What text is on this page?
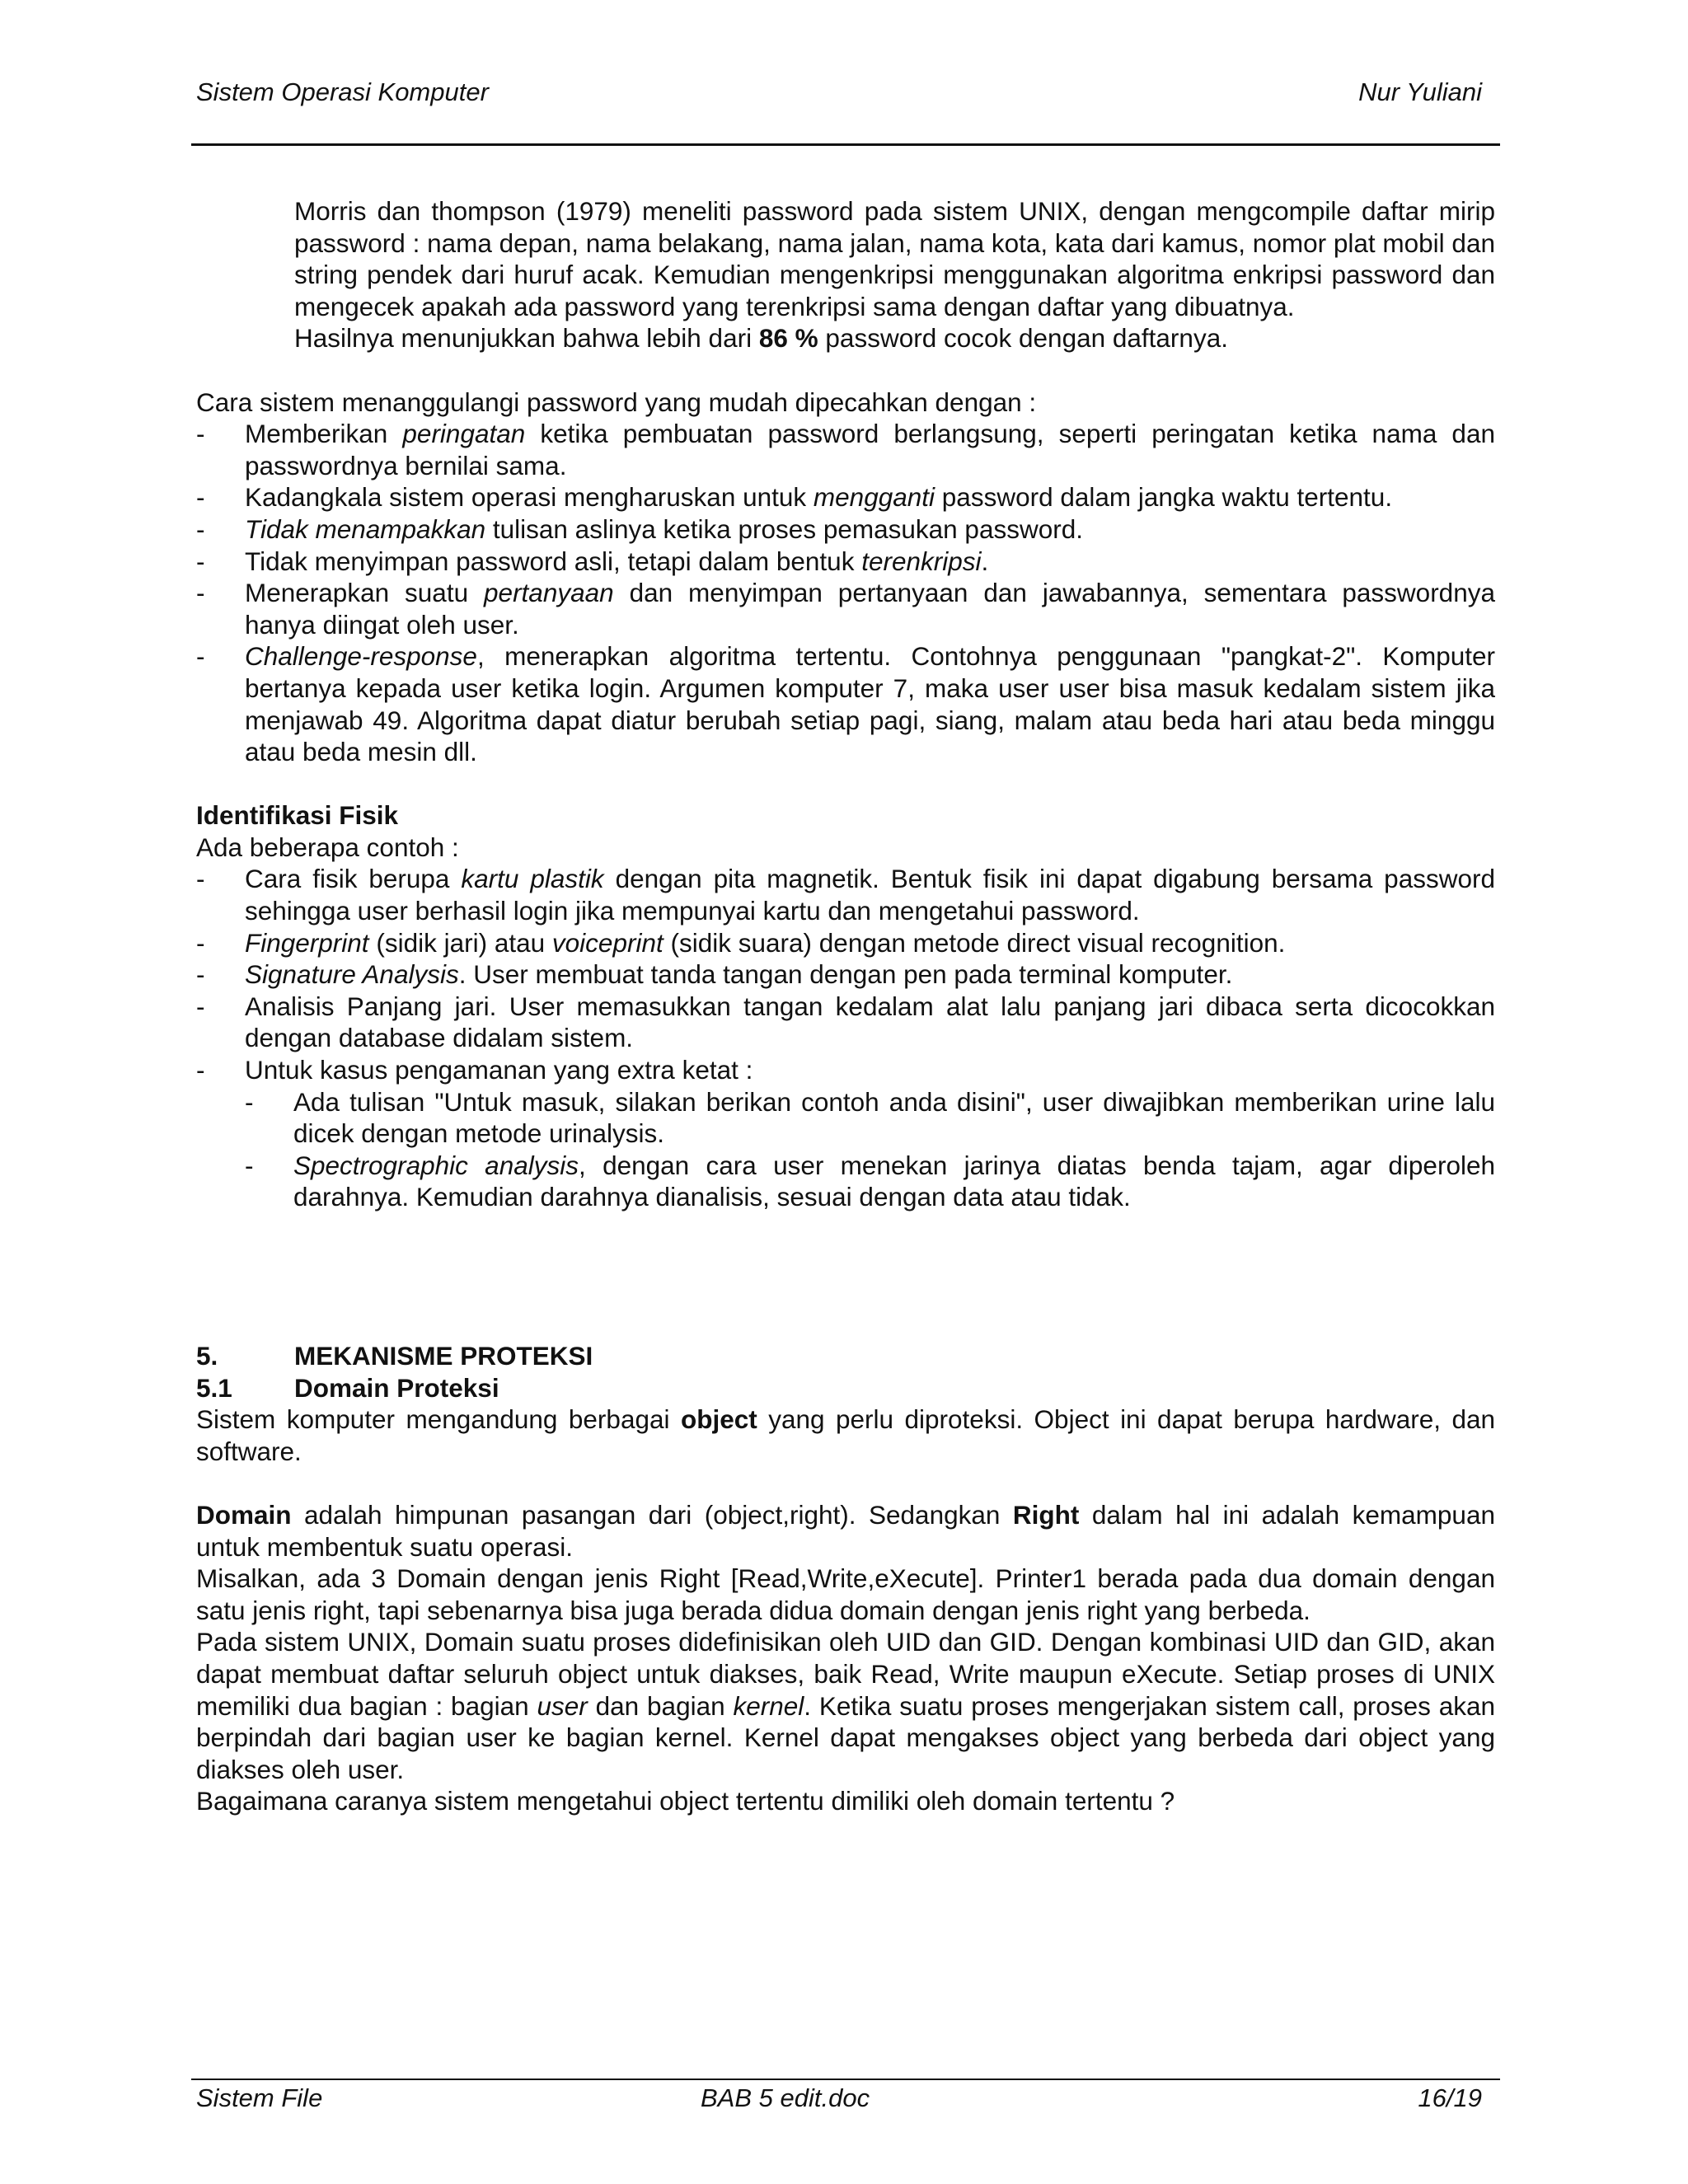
Sistem Operasi Komputer	Nur Yuliani

Morris dan thompson (1979) meneliti password pada sistem UNIX, dengan mengcompile daftar mirip password : nama depan, nama belakang, nama jalan, nama kota, kata dari kamus, nomor plat mobil dan string pendek dari huruf acak. Kemudian mengenkripsi menggunakan algoritma enkripsi password dan mengecek apakah ada password yang terenkripsi sama dengan daftar yang dibuatnya.

Hasilnya menunjukkan bahwa lebih dari 86 % password cocok dengan daftarnya.

Cara sistem menanggulangi password yang mudah dipecahkan dengan :

- Memberikan peringatan ketika pembuatan password berlangsung, seperti peringatan ketika nama dan passwordnya bernilai sama.
- Kadangkala sistem operasi mengharuskan untuk mengganti password dalam jangka waktu tertentu.
- Tidak menampakkan tulisan aslinya ketika proses pemasukan password.
- Tidak menyimpan password asli, tetapi dalam bentuk terenkripsi.
- Menerapkan suatu pertanyaan dan menyimpan pertanyaan dan jawabannya, sementara passwordnya hanya diingat oleh user.
- Challenge-response, menerapkan algoritma tertentu. Contohnya penggunaan "pangkat-2". Komputer bertanya kepada user ketika login. Argumen komputer 7, maka user user bisa masuk kedalam sistem jika menjawab 49. Algoritma dapat diatur berubah setiap pagi, siang, malam atau beda hari atau beda minggu atau beda mesin dll.

Identifikasi Fisik

Ada beberapa contoh :

- Cara fisik berupa kartu plastik dengan pita magnetik. Bentuk fisik ini dapat digabung bersama password sehingga user berhasil login jika mempunyai kartu dan mengetahui password.
- Fingerprint (sidik jari) atau voiceprint (sidik suara) dengan metode direct visual recognition.
- Signature Analysis. User membuat tanda tangan dengan pen pada terminal komputer.
- Analisis Panjang jari. User memasukkan tangan kedalam alat lalu panjang jari dibaca serta dicocokkan dengan database didalam sistem.
- Untuk kasus pengamanan yang extra ketat :
- Ada tulisan "Untuk masuk, silakan berikan contoh anda disini", user diwajibkan memberikan urine lalu dicek dengan metode urinalysis.
- Spectrographic analysis, dengan cara user menekan jarinya diatas benda tajam, agar diperoleh darahnya. Kemudian darahnya dianalisis, sesuai dengan data atau tidak.

5.	MEKANISME PROTEKSI

5.1 Domain Proteksi

Sistem komputer mengandung berbagai object yang perlu diproteksi. Object ini dapat berupa hardware, dan software.

Domain adalah himpunan pasangan dari (object,right). Sedangkan Right dalam hal ini adalah kemampuan untuk membentuk suatu operasi.

Misalkan, ada 3 Domain dengan jenis Right [Read,Write,eXecute]. Printer1 berada pada dua domain dengan satu jenis right, tapi sebenarnya bisa juga berada didua domain dengan jenis right yang berbeda.

Pada sistem UNIX, Domain suatu proses didefinisikan oleh UID dan GID. Dengan kombinasi UID dan GID, akan dapat membuat daftar seluruh object untuk diakses, baik Read, Write maupun eXecute. Setiap proses di UNIX memiliki dua bagian : bagian user dan bagian kernel. Ketika suatu proses mengerjakan sistem call, proses akan berpindah dari bagian user ke bagian kernel. Kernel dapat mengakses object yang berbeda dari object yang diakses oleh user.

Bagaimana caranya sistem mengetahui object tertentu dimiliki oleh domain tertentu ?

Sistem File	BAB 5 edit.doc	16/19
